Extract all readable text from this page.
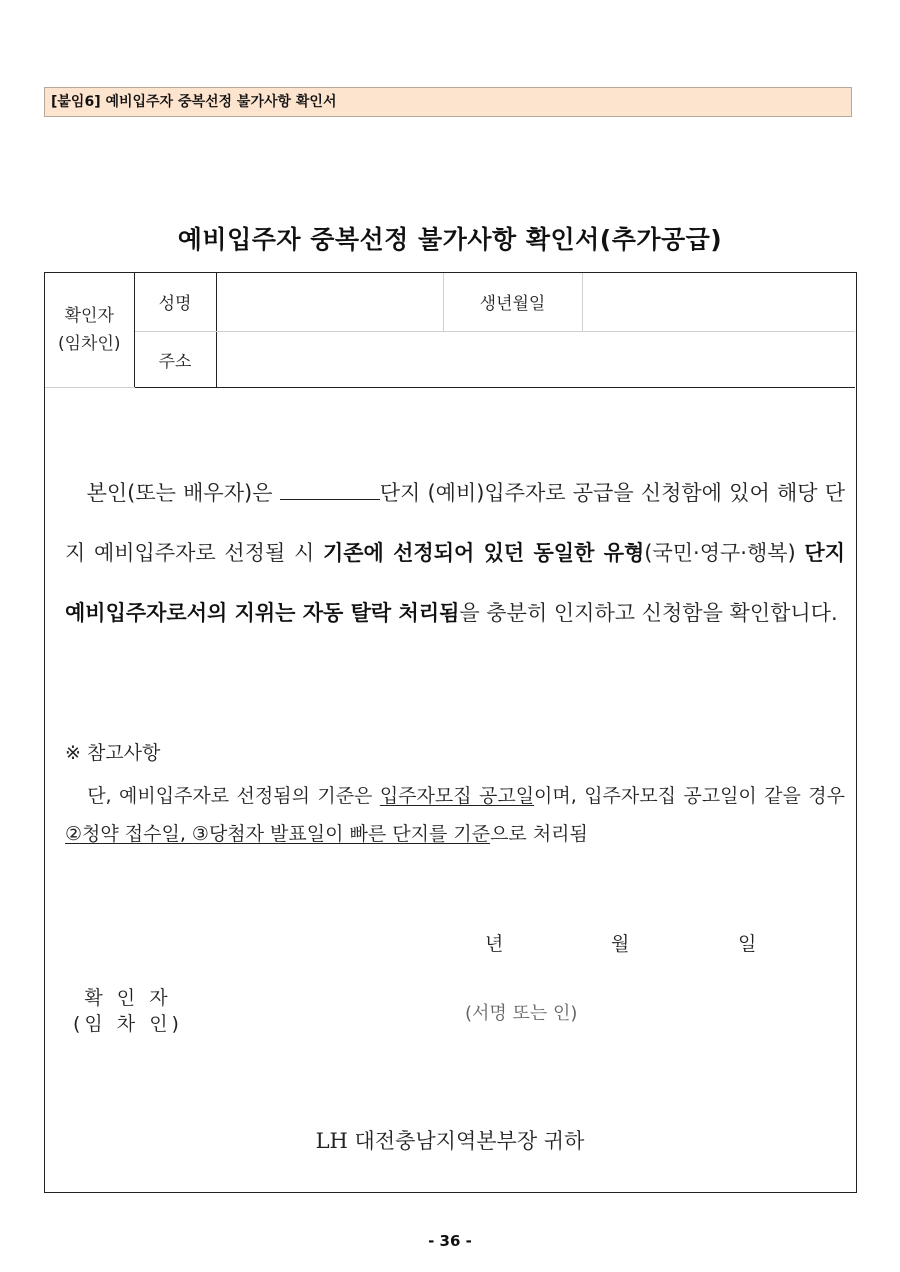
[붙임6] 예비입주자 중복선정 불가사항 확인서
예비입주자 중복선정 불가사항 확인서(추가공급)
확인자
(임차인)	성명		생년월일	
	주소			
본인(또는 배우자)은	단지 (예비)입주자로 공급을 신청함에 있어 해당 단지 예비입주자로 선정될 시 기존에 선정되어 있던 동일한 유형(국민·영구·행복) 단지 예비입주자로서의 지위는 자동 탈락 처리됨을 충분히 인지하고 신청함을 확인합니다.
※ 참고사항
단, 예비입주자로 선정됨의 기준은 입주자모집 공고일이며, 입주자모집 공고일이 같을 경우 ②청약 접수일, ③당첨자 발표일이 빠른 단지를 기준으로 처리됨
년	월	일
확 인 자
(임 차 인)	(서명 또는 인)
LH 대전충남지역본부장 귀하
- 36 -
